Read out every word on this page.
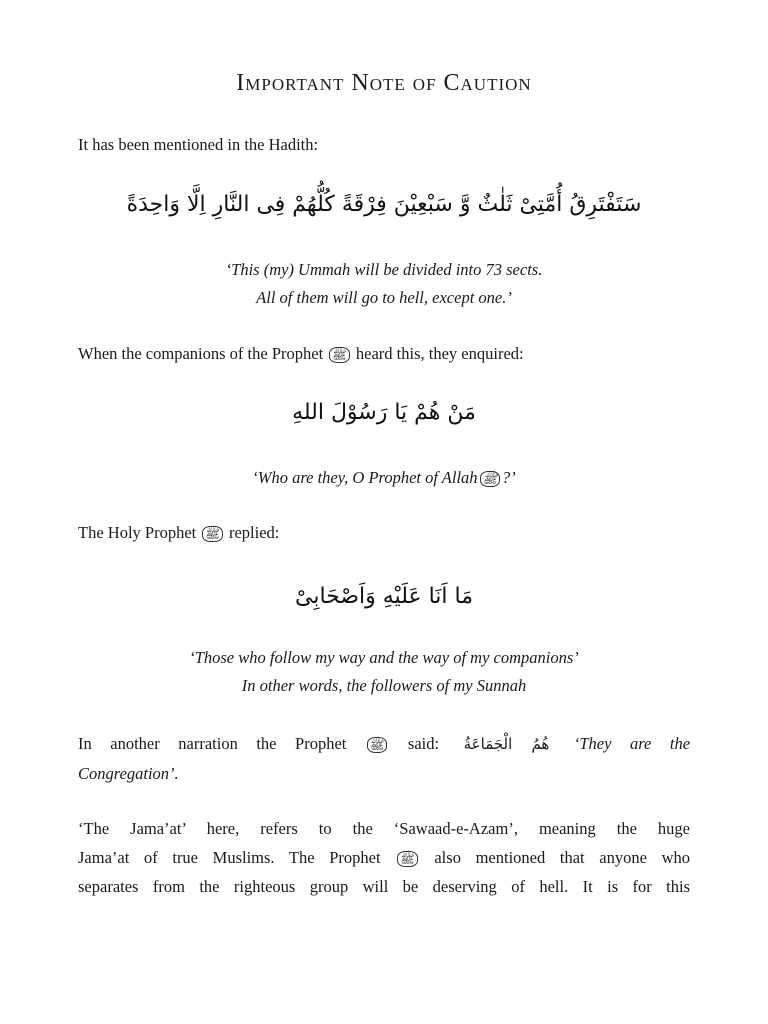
Important Note of Caution
It has been mentioned in the Hadith:
سَتَفْتَرِقُ أُمَّتِىْ ثَلٰثٌ وَّ سَبْعِيْنَ فِرْقَةً كُلُّهُمْ فِى النَّارِ اِلَّا وَاحِدَةً
‘This (my) Ummah will be divided into 73 sects.
All of them will go to hell, except one.’
When the companions of the Prophet ﷺ heard this, they enquired:
مَنْ هُمْ يَا رَسُوْلَ اللهِ
‘Who are they, O Prophet of Allah ﷺ ?’
The Holy Prophet ﷺ replied:
مَا اَنَا عَلَيْهِ وَاَصْحَابِىْ
‘Those who follow my way and the way of my companions’
In other words, the followers of my Sunnah
In another narration the Prophet ﷺ said: هُمُ الْجَمَاعَةُ ‘They are the
Congregation’.
‘The Jama’at’ here, refers to the ‘Sawaad-e-Azam’, meaning the huge
Jama’at of true Muslims. The Prophet ﷺ also mentioned that anyone who
separates from the righteous group will be deserving of hell. It is for this
